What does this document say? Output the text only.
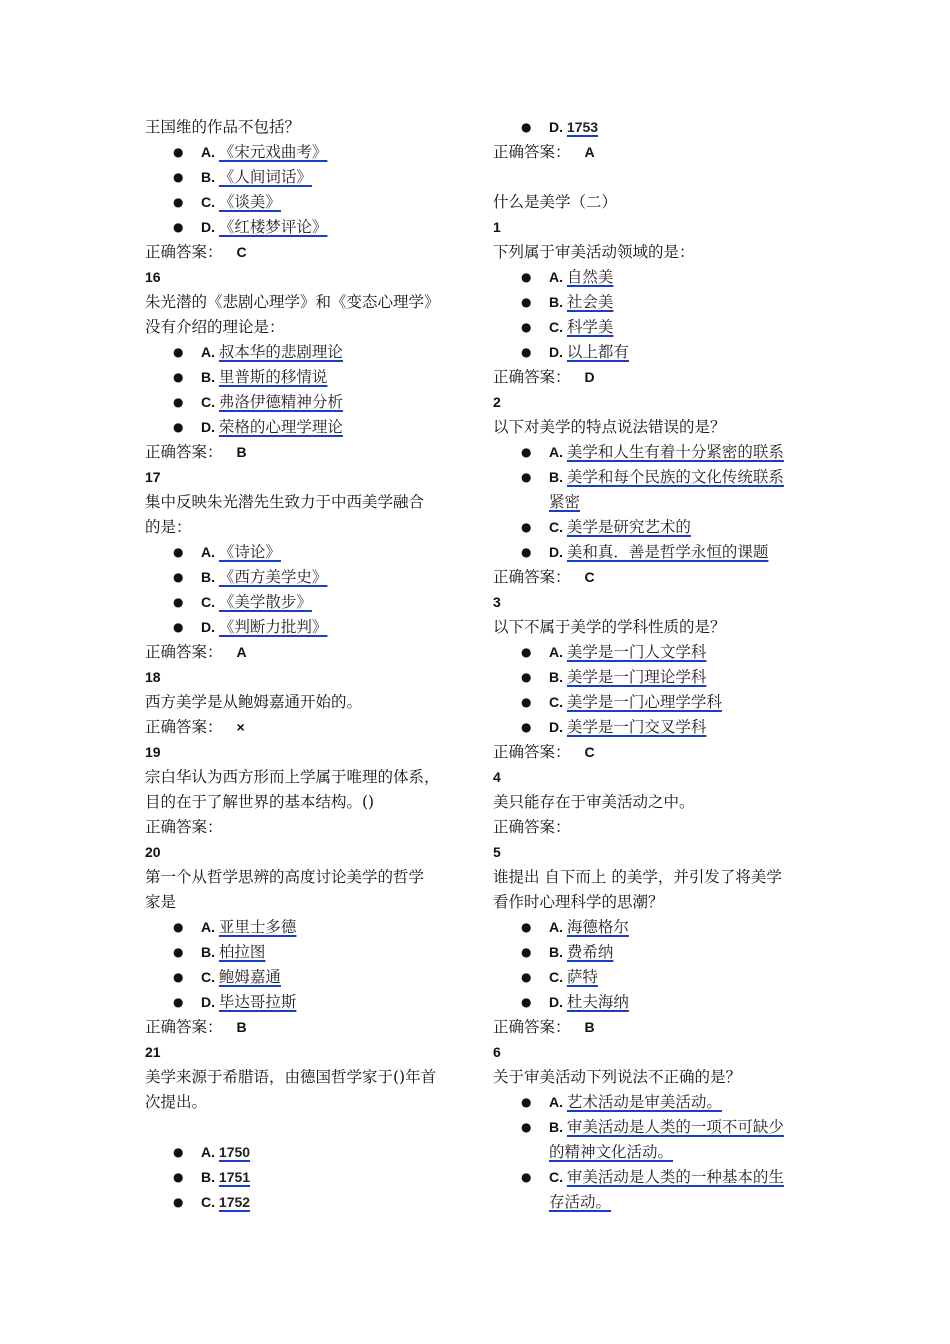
王国维的作品不包括？
● A. 《宋元戏曲考》
● B. 《人间词话》
● C. 《谈美》
● D. 《红楼梦评论》
正确答案： C
16
朱光潜的《悲剧心理学》和《变态心理学》
没有介绍的理论是：
● A. 叔本华的悲剧理论
● B. 里普斯的移情说
● C. 弗洛伊德精神分析
● D. 荣格的心理学理论
正确答案： B
17
集中反映朱光潜先生致力于中西美学融合
的是：
● A. 《诗论》
● B. 《西方美学史》
● C. 《美学散步》
● D. 《判断力批判》
正确答案： A
18
西方美学是从鲍姆嘉通开始的。
正确答案： ×
19
宗白华认为西方形而上学属于唯理的体系，
目的在于了解世界的基本结构。()
正确答案：
20
第一个从哲学思辨的高度讨论美学的哲学
家是
● A. 亚里士多德
● B. 柏拉图
● C. 鲍姆嘉通
● D. 毕达哥拉斯
正确答案： B
21
美学来源于希腊语，由德国哲学家于()年首
次提出。
● A. 1750
● B. 1751
● C. 1752
● D. 1753
正确答案： A
什么是美学（二）
1
下列属于审美活动领域的是：
● A. 自然美
● B. 社会美
● C. 科学美
● D. 以上都有
正确答案： D
2
以下对美学的特点说法错误的是？
● A. 美学和人生有着十分紧密的联系
● B. 美学和每个民族的文化传统联系
紧密
● C. 美学是研究艺术的
● D. 美和真．善是哲学永恒的课题
正确答案： C
3
以下不属于美学的学科性质的是？
● A. 美学是一门人文学科
● B. 美学是一门理论学科
● C. 美学是一门心理学学科
● D. 美学是一门交叉学科
正确答案： C
4
美只能存在于审美活动之中。
正确答案：
5
谁提出 自下而上 的美学，并引发了将美学
看作时心理科学的思潮？
● A. 海德格尔
● B. 费希纳
● C. 萨特
● D. 杜夫海纳
正确答案： B
6
关于审美活动下列说法不正确的是？
● A. 艺术活动是审美活动。
● B. 审美活动是人类的一项不可缺少
的精神文化活动。
● C. 审美活动是人类的一种基本的生
存活动。
